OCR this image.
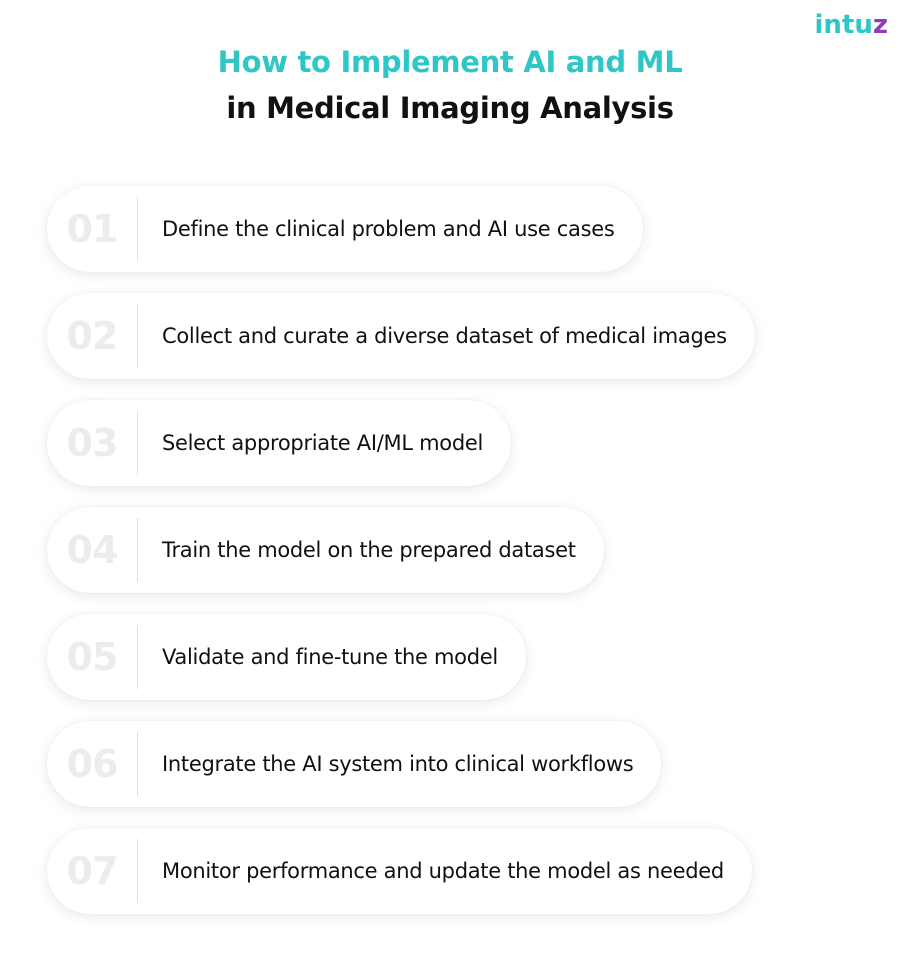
intuz
How to Implement AI and ML
in Medical Imaging Analysis
01	Define the clinical problem and AI use cases
02	Collect and curate a diverse dataset of medical images
03	Select appropriate AI/ML model
04	Train the model on the prepared dataset
05	Validate and fine-tune the model
06	Integrate the AI system into clinical workflows
07	Monitor performance and update the model as needed
